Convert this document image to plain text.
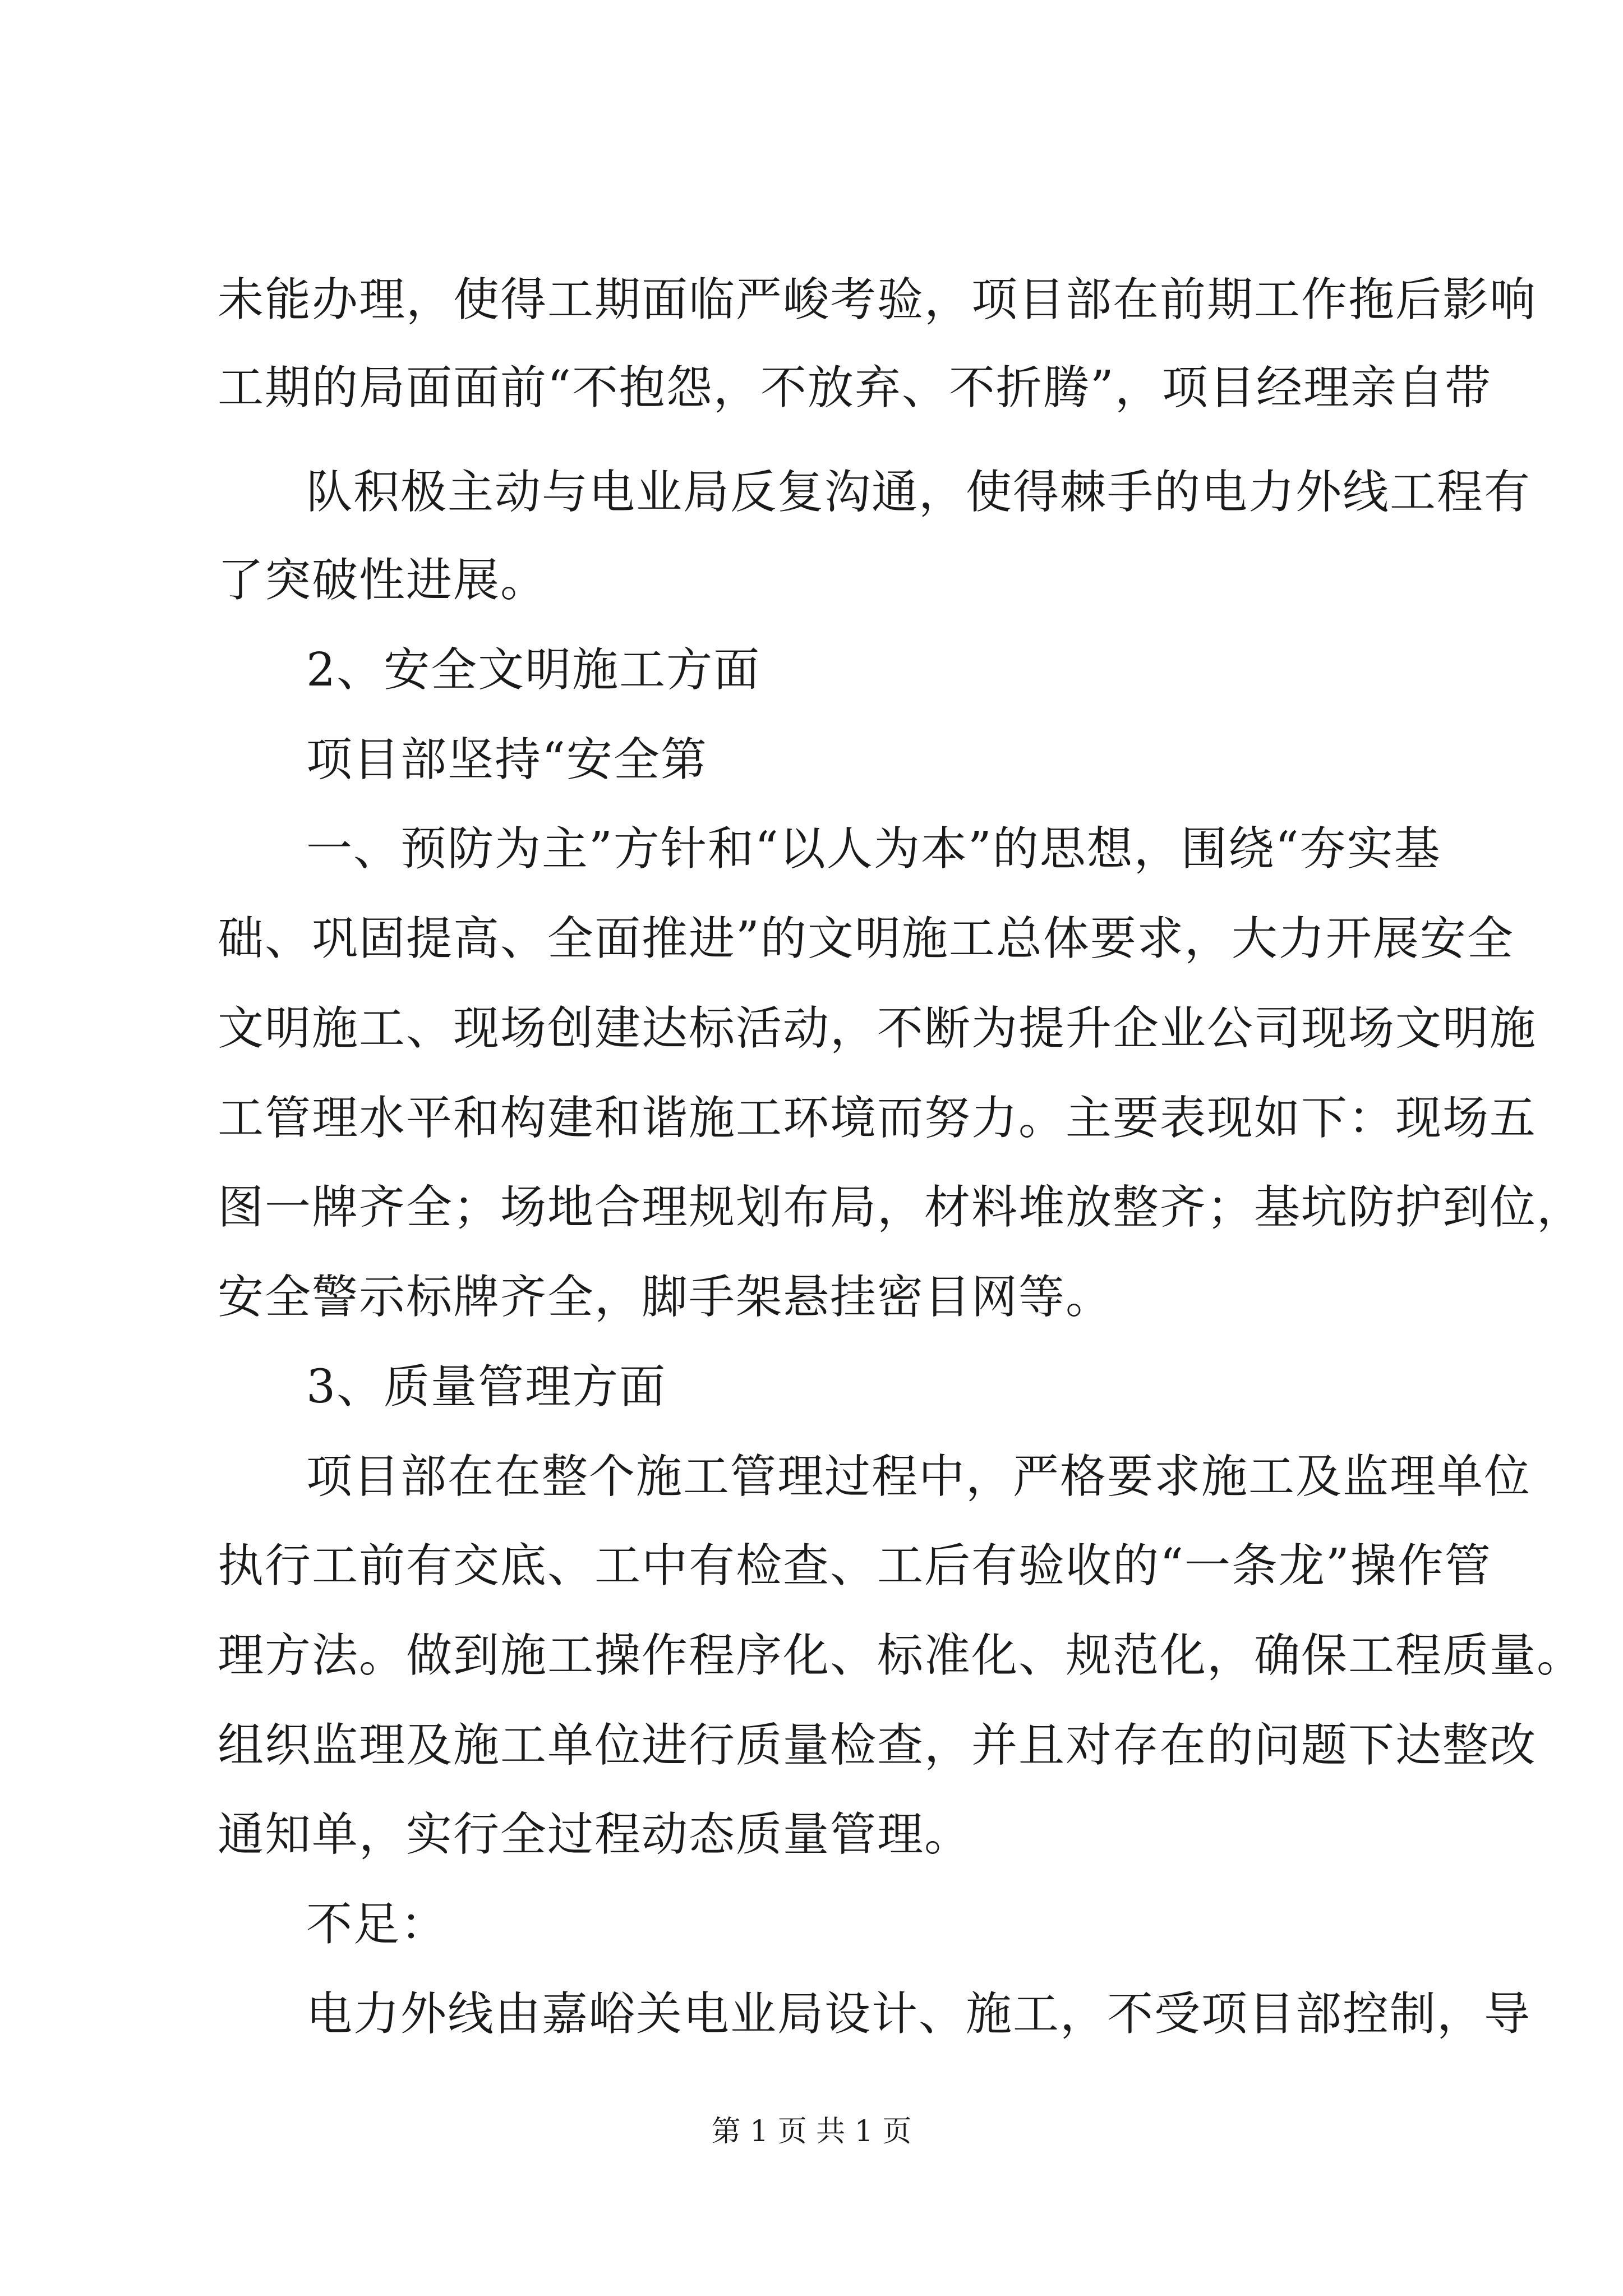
未能办理，使得工期面临严峻考验，项目部在前期工作拖后影响
工期的局面面前“不抱怨，不放弃、不折腾”，项目经理亲自带
队积极主动与电业局反复沟通，使得棘手的电力外线工程有
了突破性进展。
2、安全文明施工方面
项目部坚持“安全第
一、预防为主”方针和“以人为本”的思想，围绕“夯实基
础、巩固提高、全面推进”的文明施工总体要求，大力开展安全
文明施工、现场创建达标活动，不断为提升企业公司现场文明施
工管理水平和构建和谐施工环境而努力。主要表现如下：现场五
图一牌齐全；场地合理规划布局，材料堆放整齐；基坑防护到位，
安全警示标牌齐全，脚手架悬挂密目网等。
3、质量管理方面
项目部在在整个施工管理过程中，严格要求施工及监理单位
执行工前有交底、工中有检查、工后有验收的“一条龙”操作管
理方法。做到施工操作程序化、标准化、规范化，确保工程质量。
组织监理及施工单位进行质量检查，并且对存在的问题下达整改
通知单，实行全过程动态质量管理。
不足：
电力外线由嘉峪关电业局设计、施工，不受项目部控制，导
第 1 页 共 1 页
